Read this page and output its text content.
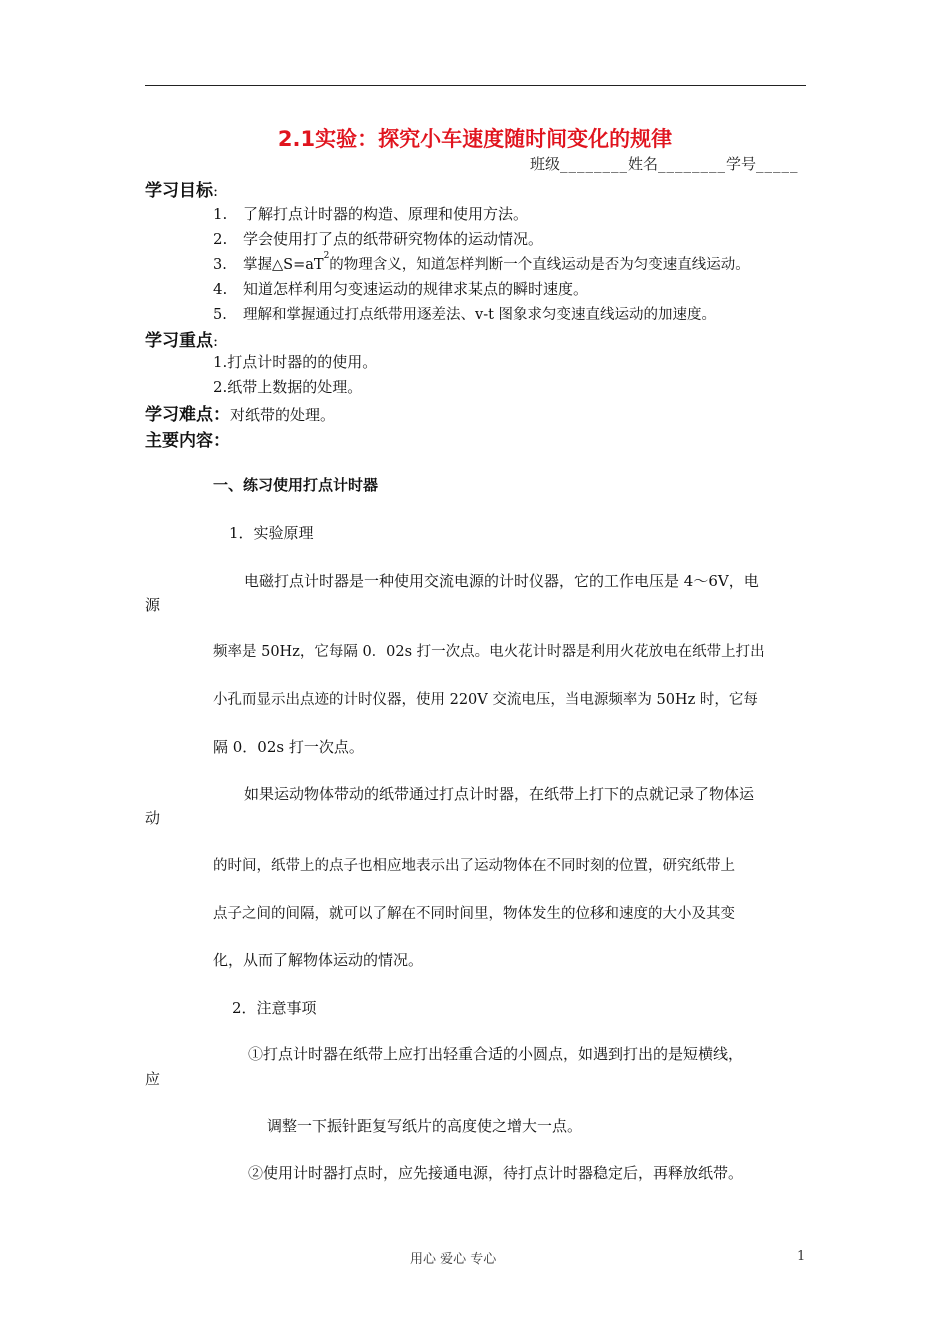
2.1实验：探究小车速度随时间变化的规律
班级________姓名________学号_____
学习目标:
1. 了解打点计时器的构造、原理和使用方法。
2. 学会使用打了点的纸带研究物体的运动情况。
3. 掌握$\triangle S=aT^2$的物理含义，知道怎样判断一个直线运动是否为匀变速直线运动。
4. 知道怎样利用匀变速运动的规律求某点的瞬时速度。
5. 理解和掌握通过打点纸带用逐差法、v-t 图象求匀变速直线运动的加速度。
学习重点:
1.打点计时器的的使用。
2.纸带上数据的处理。
学习难点：对纸带的处理。
主要内容：
一、练习使用打点计时器
1．实验原理
电磁打点计时器是一种使用交流电源的计时仪器，它的工作电压是 4～6V，电
源
频率是 50Hz，它每隔 0．02s 打一次点。电火花计时器是利用火花放电在纸带上打出
小孔而显示出点迹的计时仪器，使用 220V 交流电压，当电源频率为 50Hz 时，它每
隔 0．02s 打一次点。
如果运动物体带动的纸带通过打点计时器，在纸带上打下的点就记录了物体运
动
的时间，纸带上的点子也相应地表示出了运动物体在不同时刻的位置，研究纸带上
点子之间的间隔，就可以了解在不同时间里，物体发生的位移和速度的大小及其变
化，从而了解物体运动的情况。
2．注意事项
①打点计时器在纸带上应打出轻重合适的小圆点，如遇到打出的是短横线，
应
调整一下振针距复写纸片的高度使之增大一点。
②使用计时器打点时，应先接通电源，待打点计时器稳定后，再释放纸带。
用心 爱心 专心	1
